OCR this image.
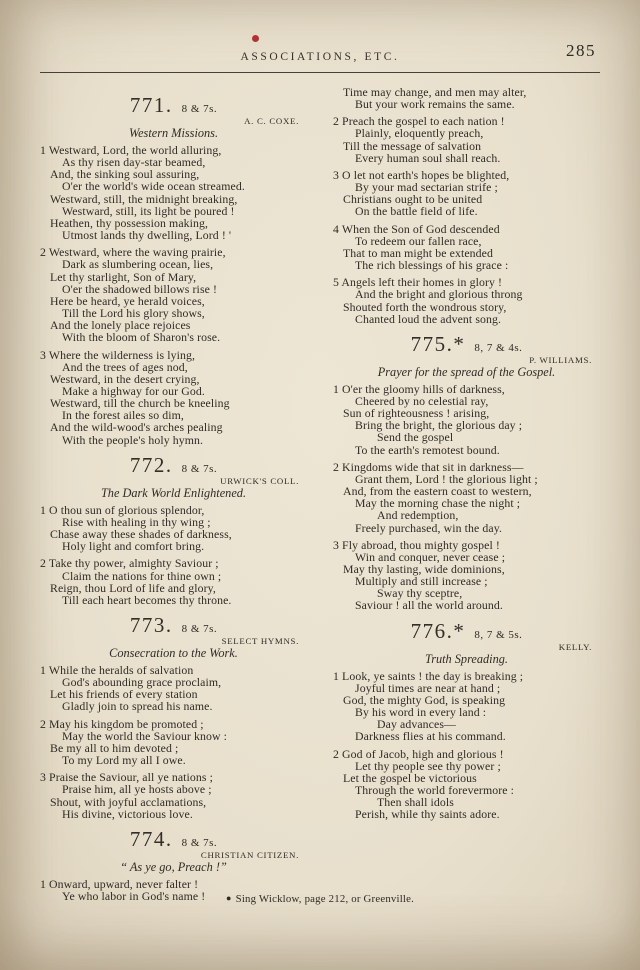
ASSOCIATIONS, ETC.	285
771. 8 & 7s.
A. C. COXE.
Western Missions.
1 Westward, Lord, the world alluring,
As thy risen day-star beamed,
And, the sinking soul assuring,
O'er the world's wide ocean streamed.
Westward, still, the midnight breaking,
Westward, still, its light be poured !
Heathen, thy possession making,
Utmost lands thy dwelling, Lord ! '
2 Westward, where the waving prairie,
Dark as slumbering ocean, lies,
Let thy starlight, Son of Mary,
O'er the shadowed billows rise !
Here be heard, ye herald voices,
Till the Lord his glory shows,
And the lonely place rejoices
With the bloom of Sharon's rose.
3 Where the wilderness is lying,
And the trees of ages nod,
Westward, in the desert crying,
Make a highway for our God.
Westward, till the church be kneeling
In the forest ailes so dim,
And the wild-wood's arches pealing
With the people's holy hymn.
772. 8 & 7s.
URWICK'S COLL.
The Dark World Enlightened.
1 O thou sun of glorious splendor,
Rise with healing in thy wing ;
Chase away these shades of darkness,
Holy light and comfort bring.
2 Take thy power, almighty Saviour ;
Claim the nations for thine own ;
Reign, thou Lord of life and glory,
Till each heart becomes thy throne.
773. 8 & 7s.
SELECT HYMNS.
Consecration to the Work.
1 While the heralds of salvation
God's abounding grace proclaim,
Let his friends of every station
Gladly join to spread his name.
2 May his kingdom be promoted ;
May the world the Saviour know :
Be my all to him devoted ;
To my Lord my all I owe.
3 Praise the Saviour, all ye nations ;
Praise him, all ye hosts above ;
Shout, with joyful acclamations,
His divine, victorious love.
774. 8 & 7s.
CHRISTIAN CITIZEN.
“ As ye go, Preach !”
1 Onward, upward, never falter !
Ye who labor in God's name !
Time may change, and men may alter,
But your work remains the same.
2 Preach the gospel to each nation !
Plainly, eloquently preach,
Till the message of salvation
Every human soul shall reach.
3 O let not earth's hopes be blighted,
By your mad sectarian strife ;
Christians ought to be united
On the battle field of life.
4 When the Son of God descended
To redeem our fallen race,
That to man might be extended
The rich blessings of his grace :
5 Angels left their homes in glory !
And the bright and glorious throng
Shouted forth the wondrous story,
Chanted loud the advent song.
775.* 8, 7 & 4s.
P. WILLIAMS.
Prayer for the spread of the Gospel.
1 O'er the gloomy hills of darkness,
Cheered by no celestial ray,
Sun of righteousness ! arising,
Bring the bright, the glorious day ;
Send the gospel
To the earth's remotest bound.
2 Kingdoms wide that sit in darkness—
Grant them, Lord ! the glorious light ;
And, from the eastern coast to western,
May the morning chase the night ;
And redemption,
Freely purchased, win the day.
3 Fly abroad, thou mighty gospel !
Win and conquer, never cease ;
May thy lasting, wide dominions,
Multiply and still increase ;
Sway thy sceptre,
Saviour ! all the world around.
776.* 8, 7 & 5s.
KELLY.
Truth Spreading.
1 Look, ye saints ! the day is breaking ;
Joyful times are near at hand ;
God, the mighty God, is speaking
By his word in every land :
Day advances—
Darkness flies at his command.
2 God of Jacob, high and glorious !
Let thy people see thy power ;
Let the gospel be victorious
Through the world forevermore :
Then shall idols
Perish, while thy saints adore.
● Sing Wicklow, page 212, or Greenville.
